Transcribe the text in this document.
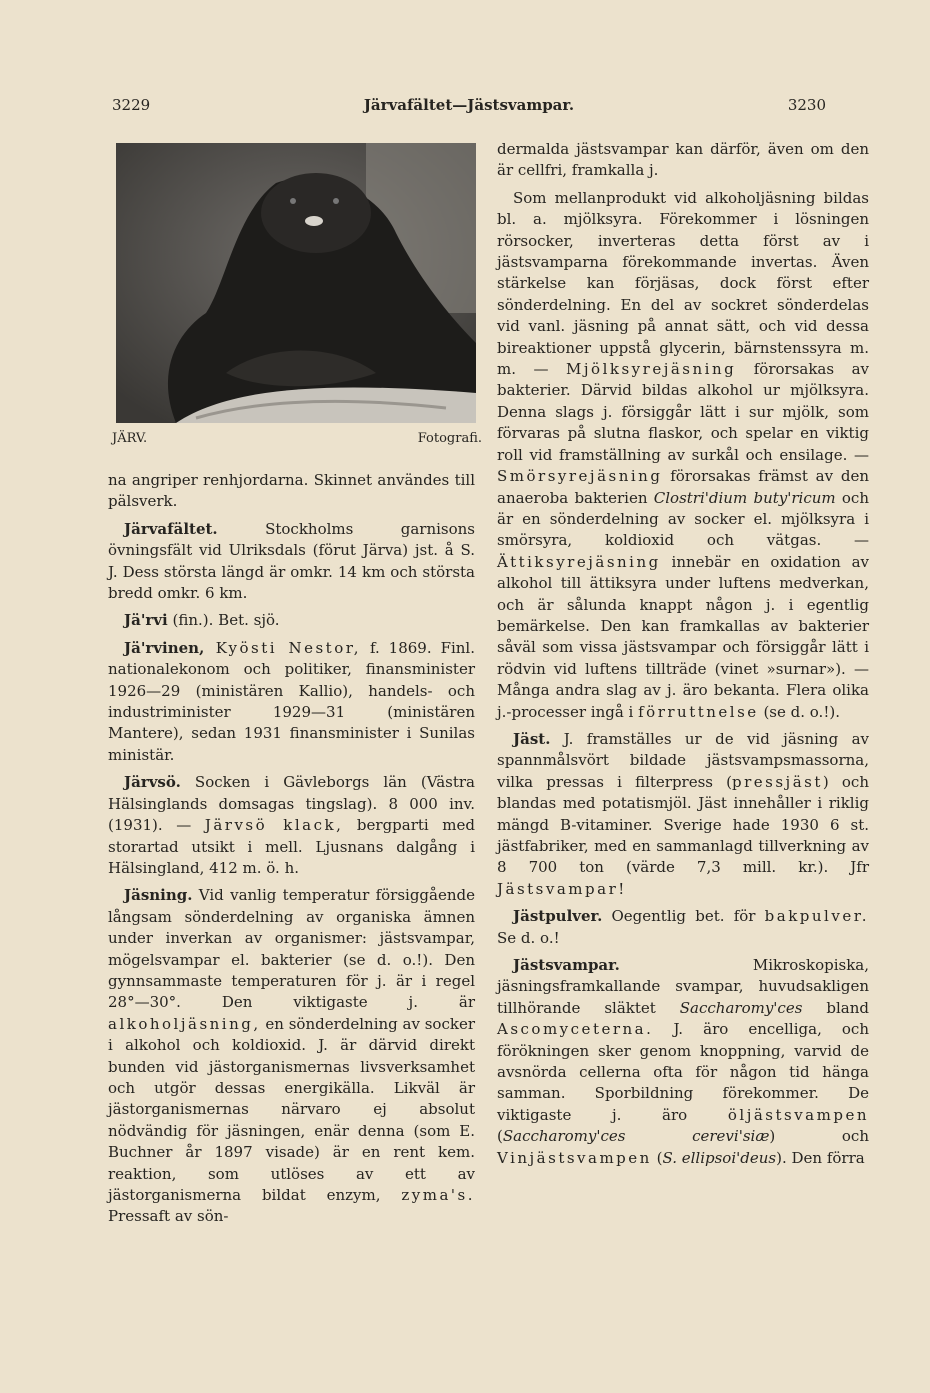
3229	Järvafältet—Jästsvampar.	3230
JÄRV.	Fotografi.

na angriper renhjordarna. Skinnet användes till pälsverk.

Järvafältet. Stockholms garnisons övningsfält vid Ulriksdals (förut Järva) jst. å S. J. Dess största längd är omkr. 14 km och största bredd omkr. 6 km.

Jä'rvi (fin.). Bet. sjö.

Jä'rvinen, Kyösti Nestor, f. 1869. Finl. nationalekonom och politiker, finansminister 1926—29 (ministären Kallio), handels- och industriminister 1929—31 (ministären Mantere), sedan 1931 finansminister i Sunilas ministär.

Järvsö. Socken i Gävleborgs län (Västra Hälsinglands domsagas tingslag). 8 000 inv. (1931). — Järvsö klack, bergparti med storartad utsikt i mell. Ljusnans dalgång i Hälsingland, 412 m. ö. h.

Jäsning. Vid vanlig temperatur försiggående långsam sönderdelning av organiska ämnen under inverkan av organismer: jästsvampar, mögelsvampar el. bakterier (se d. o.!). Den gynnsammaste temperaturen för j. är i regel 28°—30°. Den viktigaste j. är alkoholjäsning, en sönderdelning av socker i alkohol och koldioxid. J. är därvid direkt bunden vid jästorganismernas livsverksamhet och utgör dessas energikälla. Likväl är jästorganismernas närvaro ej absolut nödvändig för jäsningen, enär denna (som E. Buchner år 1897 visade) är en rent kem. reaktion, som utlöses av ett av jästorganismerna bildat enzym, zyma's. Pressaft av sön-

dermalda jästsvampar kan därför, även om den är cellfri, framkalla j.

Som mellanprodukt vid alkoholjäsning bildas bl. a. mjölksyra. Förekommer i lösningen rörsocker, inverteras detta först av i jästsvamparna förekommande invertas. Även stärkelse kan förjäsas, dock först efter sönderdelning. En del av sockret sönderdelas vid vanl. jäsning på annat sätt, och vid dessa bireaktioner uppstå glycerin, bärnstenssyra m. m. — Mjölksyrejäsning förorsakas av bakterier. Därvid bildas alkohol ur mjölksyra. Denna slags j. försiggår lätt i sur mjölk, som förvaras på slutna flaskor, och spelar en viktig roll vid framställning av surkål och ensilage. — Smörsyrejäsning förorsakas främst av den anaeroba bakterien Clostri'dium buty'ricum och är en sönderdelning av socker el. mjölksyra i smörsyra, koldioxid och vätgas. — Ättiksyrejäsning innebär en oxidation av alkohol till ättiksyra under luftens medverkan, och är sålunda knappt någon j. i egentlig bemärkelse. Den kan framkallas av bakterier såväl som vissa jästsvampar och försiggår lätt i rödvin vid luftens tillträde (vinet »surnar»). — Många andra slag av j. äro bekanta. Flera olika j.-processer ingå i förruttnelse (se d. o.!).

Jäst. J. framställes ur de vid jäsning av spannmålsvört bildade jästsvampsmassorna, vilka pressas i filterpress (pressjäst) och blandas med potatismjöl. Jäst innehåller i riklig mängd B-vitaminer. Sverige hade 1930 6 st. jästfabriker, med en sammanlagd tillverkning av 8 700 ton (värde 7,3 mill. kr.). Jfr Jästsvampar!

Jästpulver. Oegentlig bet. för bakpulver. Se d. o.!

Jästsvampar. Mikroskopiska, jäsningsframkallande svampar, huvudsakligen tillhörande släktet Saccharomy'ces bland Ascomyceterna. J. äro encelliga, och förökningen sker genom knoppning, varvid de avsnörda cellerna ofta för någon tid hänga samman. Sporbildning förekommer. De viktigaste j. äro öljästsvampen (Saccharomy'ces cerevi'siæ) och Vinjästsvampen (S. ellipsoi'deus). Den förra
